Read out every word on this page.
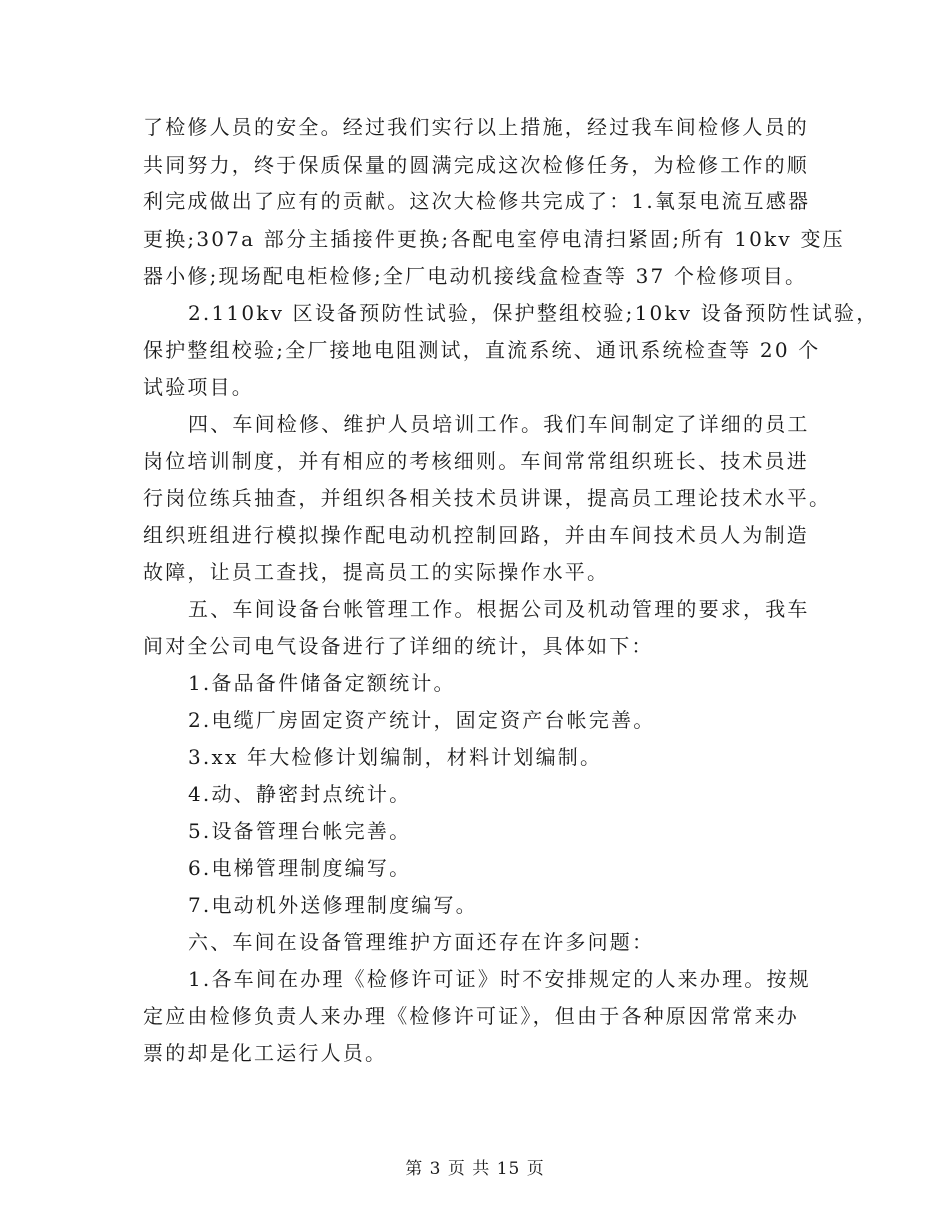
了检修人员的安全。经过我们实行以上措施，经过我车间检修人员的
共同努力，终于保质保量的圆满完成这次检修任务，为检修工作的顺
利完成做出了应有的贡献。这次大检修共完成了：1.氧泵电流互感器
更换;307a 部分主插接件更换;各配电室停电清扫紧固;所有 10kv 变压
器小修;现场配电柜检修;全厂电动机接线盒检查等 37 个检修项目。
2.110kv 区设备预防性试验，保护整组校验;10kv 设备预防性试验，
保护整组校验;全厂接地电阻测试，直流系统、通讯系统检查等 20 个
试验项目。
四、车间检修、维护人员培训工作。我们车间制定了详细的员工
岗位培训制度，并有相应的考核细则。车间常常组织班长、技术员进
行岗位练兵抽查，并组织各相关技术员讲课，提高员工理论技术水平。
组织班组进行模拟操作配电动机控制回路，并由车间技术员人为制造
故障，让员工查找，提高员工的实际操作水平。
五、车间设备台帐管理工作。根据公司及机动管理的要求，我车
间对全公司电气设备进行了详细的统计，具体如下：
1.备品备件储备定额统计。
2.电缆厂房固定资产统计，固定资产台帐完善。
3.xx 年大检修计划编制，材料计划编制。
4.动、静密封点统计。
5.设备管理台帐完善。
6.电梯管理制度编写。
7.电动机外送修理制度编写。
六、车间在设备管理维护方面还存在许多问题：
1.各车间在办理《检修许可证》时不安排规定的人来办理。按规
定应由检修负责人来办理《检修许可证》，但由于各种原因常常来办
票的却是化工运行人员。
第 3 页 共 15 页
